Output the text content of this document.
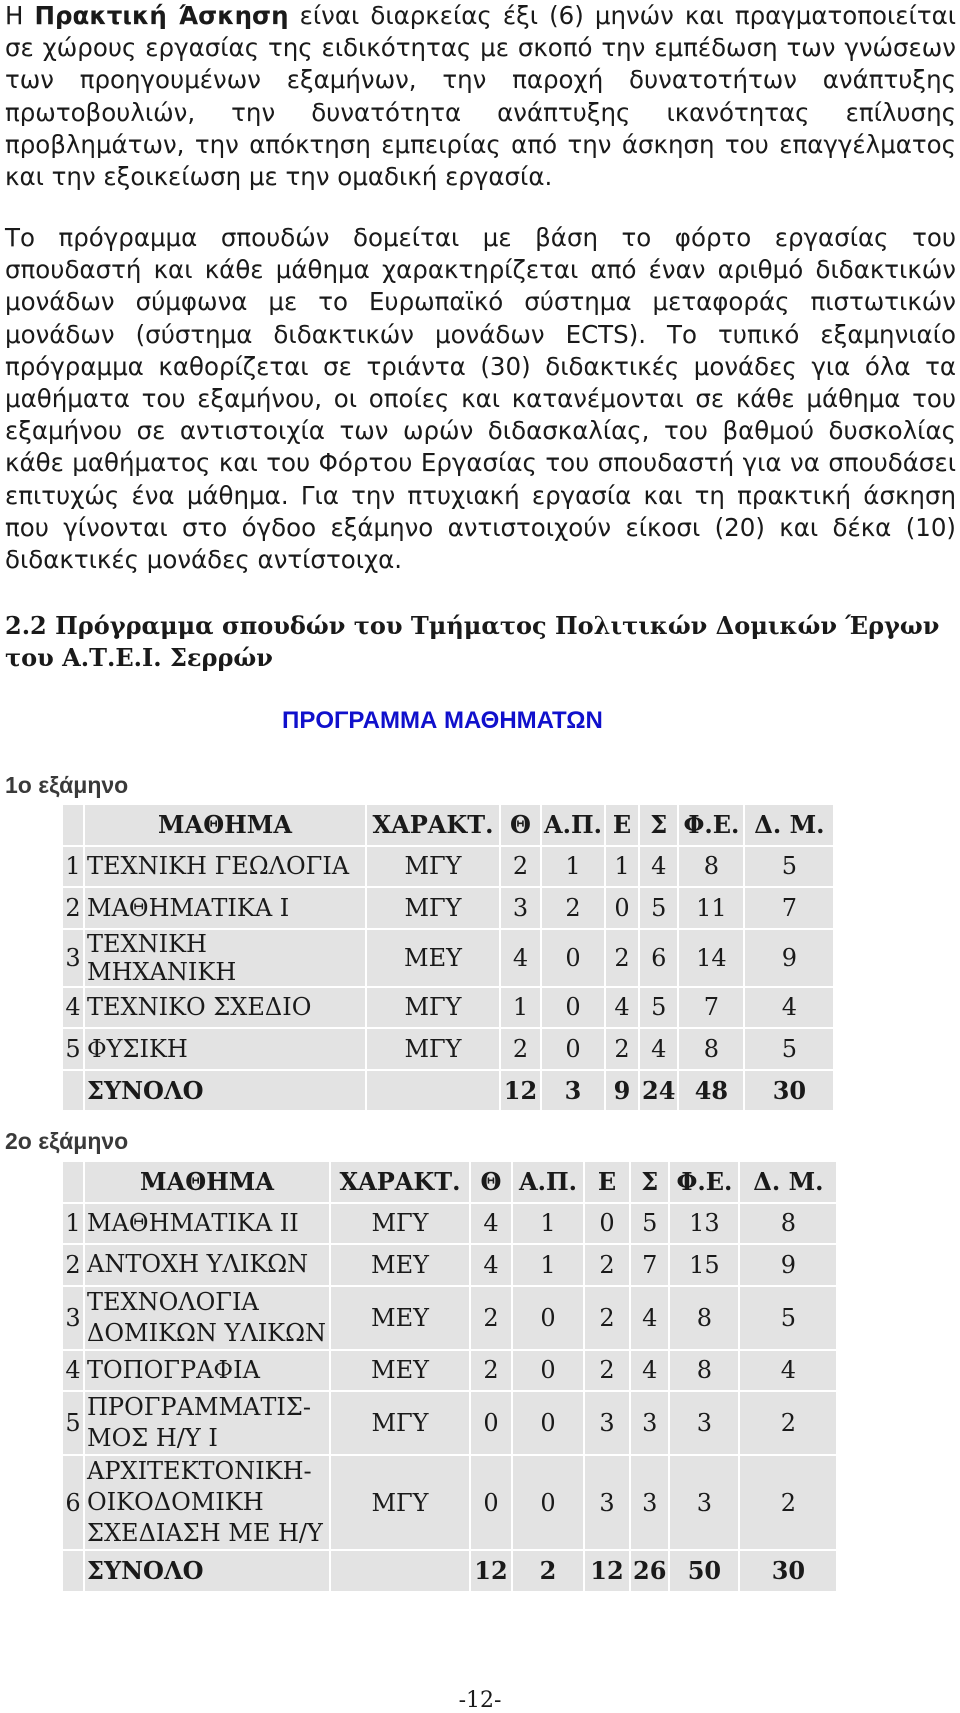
Η Πρακτική Άσκηση είναι διαρκείας έξι (6) μηνών και πραγματοποιείται σε χώρους εργασίας της ειδικότητας με σκοπό την εμπέδωση των γνώσεων των προηγουμένων εξαμήνων, την παροχή δυνατοτήτων ανάπτυξης πρωτοβουλιών, την δυνατότητα ανάπτυξης ικανότητας επίλυσης προβλημάτων, την απόκτηση εμπειρίας από την άσκηση του επαγγέλματος και την εξοικείωση με την ομαδική εργασία.

Το πρόγραμμα σπουδών δομείται με βάση το φόρτο εργασίας του σπουδαστή και κάθε μάθημα χαρακτηρίζεται από έναν αριθμό διδακτικών μονάδων σύμφωνα με το Ευρωπαϊκό σύστημα μεταφοράς πιστωτικών μονάδων (σύστημα διδακτικών μονάδων ECTS). Το τυπικό εξαμηνιαίο πρόγραμμα καθορίζεται σε τριάντα (30) διδακτικές μονάδες για όλα τα μαθήματα του εξαμήνου, οι οποίες και κατανέμονται σε κάθε μάθημα του εξαμήνου σε αντιστοιχία των ωρών διδασκαλίας, του βαθμού δυσκολίας κάθε μαθήματος και του Φόρτου Εργασίας του σπουδαστή για να σπουδάσει επιτυχώς ένα μάθημα. Για την πτυχιακή εργασία και τη πρακτική άσκηση που γίνονται στο όγδοο εξάμηνο αντιστοιχούν είκοσι (20) και δέκα (10) διδακτικές μονάδες αντίστοιχα.

2.2 Πρόγραμμα σπουδών του Τμήματος Πολιτικών Δομικών Έργων του Α.Τ.Ε.Ι. Σερρών
ΠΡΟΓΡΑΜΜΑ ΜΑΘΗΜΑΤΩΝ
1ο εξάμηνο
	ΜΑΘΗΜΑ	ΧΑΡΑΚΤ.	Θ	Α.Π.	Ε	Σ	Φ.Ε.	Δ. Μ.
1	ΤΕΧΝΙΚΗ ΓΕΩΛΟΓΙΑ	ΜΓΥ	2	1	1	4	8	5
2	ΜΑΘΗΜΑΤΙΚΑ Ι	ΜΓΥ	3	2	0	5	11	7
3	ΤΕΧΝΙΚΗ ΜΗΧΑΝΙΚΗ	ΜΕΥ	4	0	2	6	14	9
4	ΤΕΧΝΙΚΟ ΣΧΕΔΙΟ	ΜΓΥ	1	0	4	5	7	4
5	ΦΥΣΙΚΗ	ΜΓΥ	2	0	2	4	8	5
	ΣΥΝΟΛΟ		12	3	9	24	48	30
2ο εξάμηνο
	ΜΑΘΗΜΑ	ΧΑΡΑΚΤ.	Θ	Α.Π.	Ε	Σ	Φ.Ε.	Δ. Μ.
1	ΜΑΘΗΜΑΤΙΚΑ ΙΙ	ΜΓΥ	4	1	0	5	13	8
2	ΑΝΤΟΧΗ ΥΛΙΚΩΝ	ΜΕΥ	4	1	2	7	15	9
3	ΤΕΧΝΟΛΟΓΙΑ ΔΟΜΙΚΩΝ ΥΛΙΚΩΝ	ΜΕΥ	2	0	2	4	8	5
4	ΤΟΠΟΓΡΑΦΙΑ	ΜΕΥ	2	0	2	4	8	4
5	ΠΡΟΓΡΑΜΜΑΤΙΣ- ΜΟΣ Η/Υ Ι	ΜΓΥ	0	0	3	3	3	2
6	ΑΡΧΙΤΕΚΤΟΝΙΚΗ- ΟΙΚΟΔΟΜΙΚΗ ΣΧΕΔΙΑΣΗ ΜΕ Η/Υ	ΜΓΥ	0	0	3	3	3	2
	ΣΥΝΟΛΟ		12	2	12	26	50	30
-12-
